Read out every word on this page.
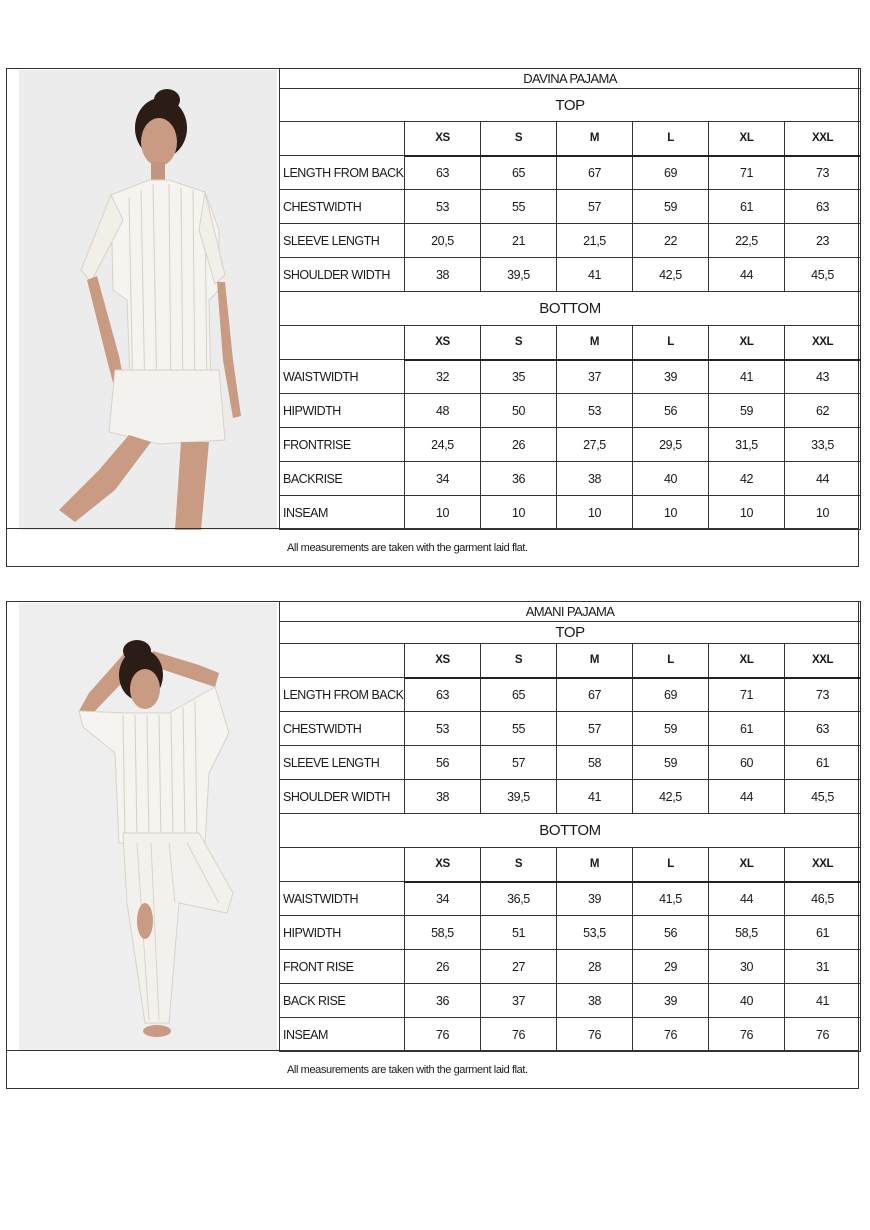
DAVINA PAJAMA						
TOP						
	XS	S	M	L	XL	XXL
LENGTH FROM BACK	63	65	67	69	71	73
CHESTWIDTH	53	55	57	59	61	63
SLEEVE LENGTH	20,5	21	21,5	22	22,5	23
SHOULDER WIDTH	38	39,5	41	42,5	44	45,5
BOTTOM						
	XS	S	M	L	XL	XXL
WAISTWIDTH	32	35	37	39	41	43
HIPWIDTH	48	50	53	56	59	62
FRONTRISE	24,5	26	27,5	29,5	31,5	33,5
BACKRISE	34	36	38	40	42	44
INSEAM	10	10	10	10	10	10
All measurements are taken with the garment laid flat.
AMANI PAJAMA						
TOP						
	XS	S	M	L	XL	XXL
LENGTH FROM BACK	63	65	67	69	71	73
CHESTWIDTH	53	55	57	59	61	63
SLEEVE LENGTH	56	57	58	59	60	61
SHOULDER WIDTH	38	39,5	41	42,5	44	45,5
BOTTOM						
	XS	S	M	L	XL	XXL
WAISTWIDTH	34	36,5	39	41,5	44	46,5
HIPWIDTH	58,5	51	53,5	56	58,5	61
FRONT RISE	26	27	28	29	30	31
BACK RISE	36	37	38	39	40	41
INSEAM	76	76	76	76	76	76
All measurements are taken with the garment laid flat.
